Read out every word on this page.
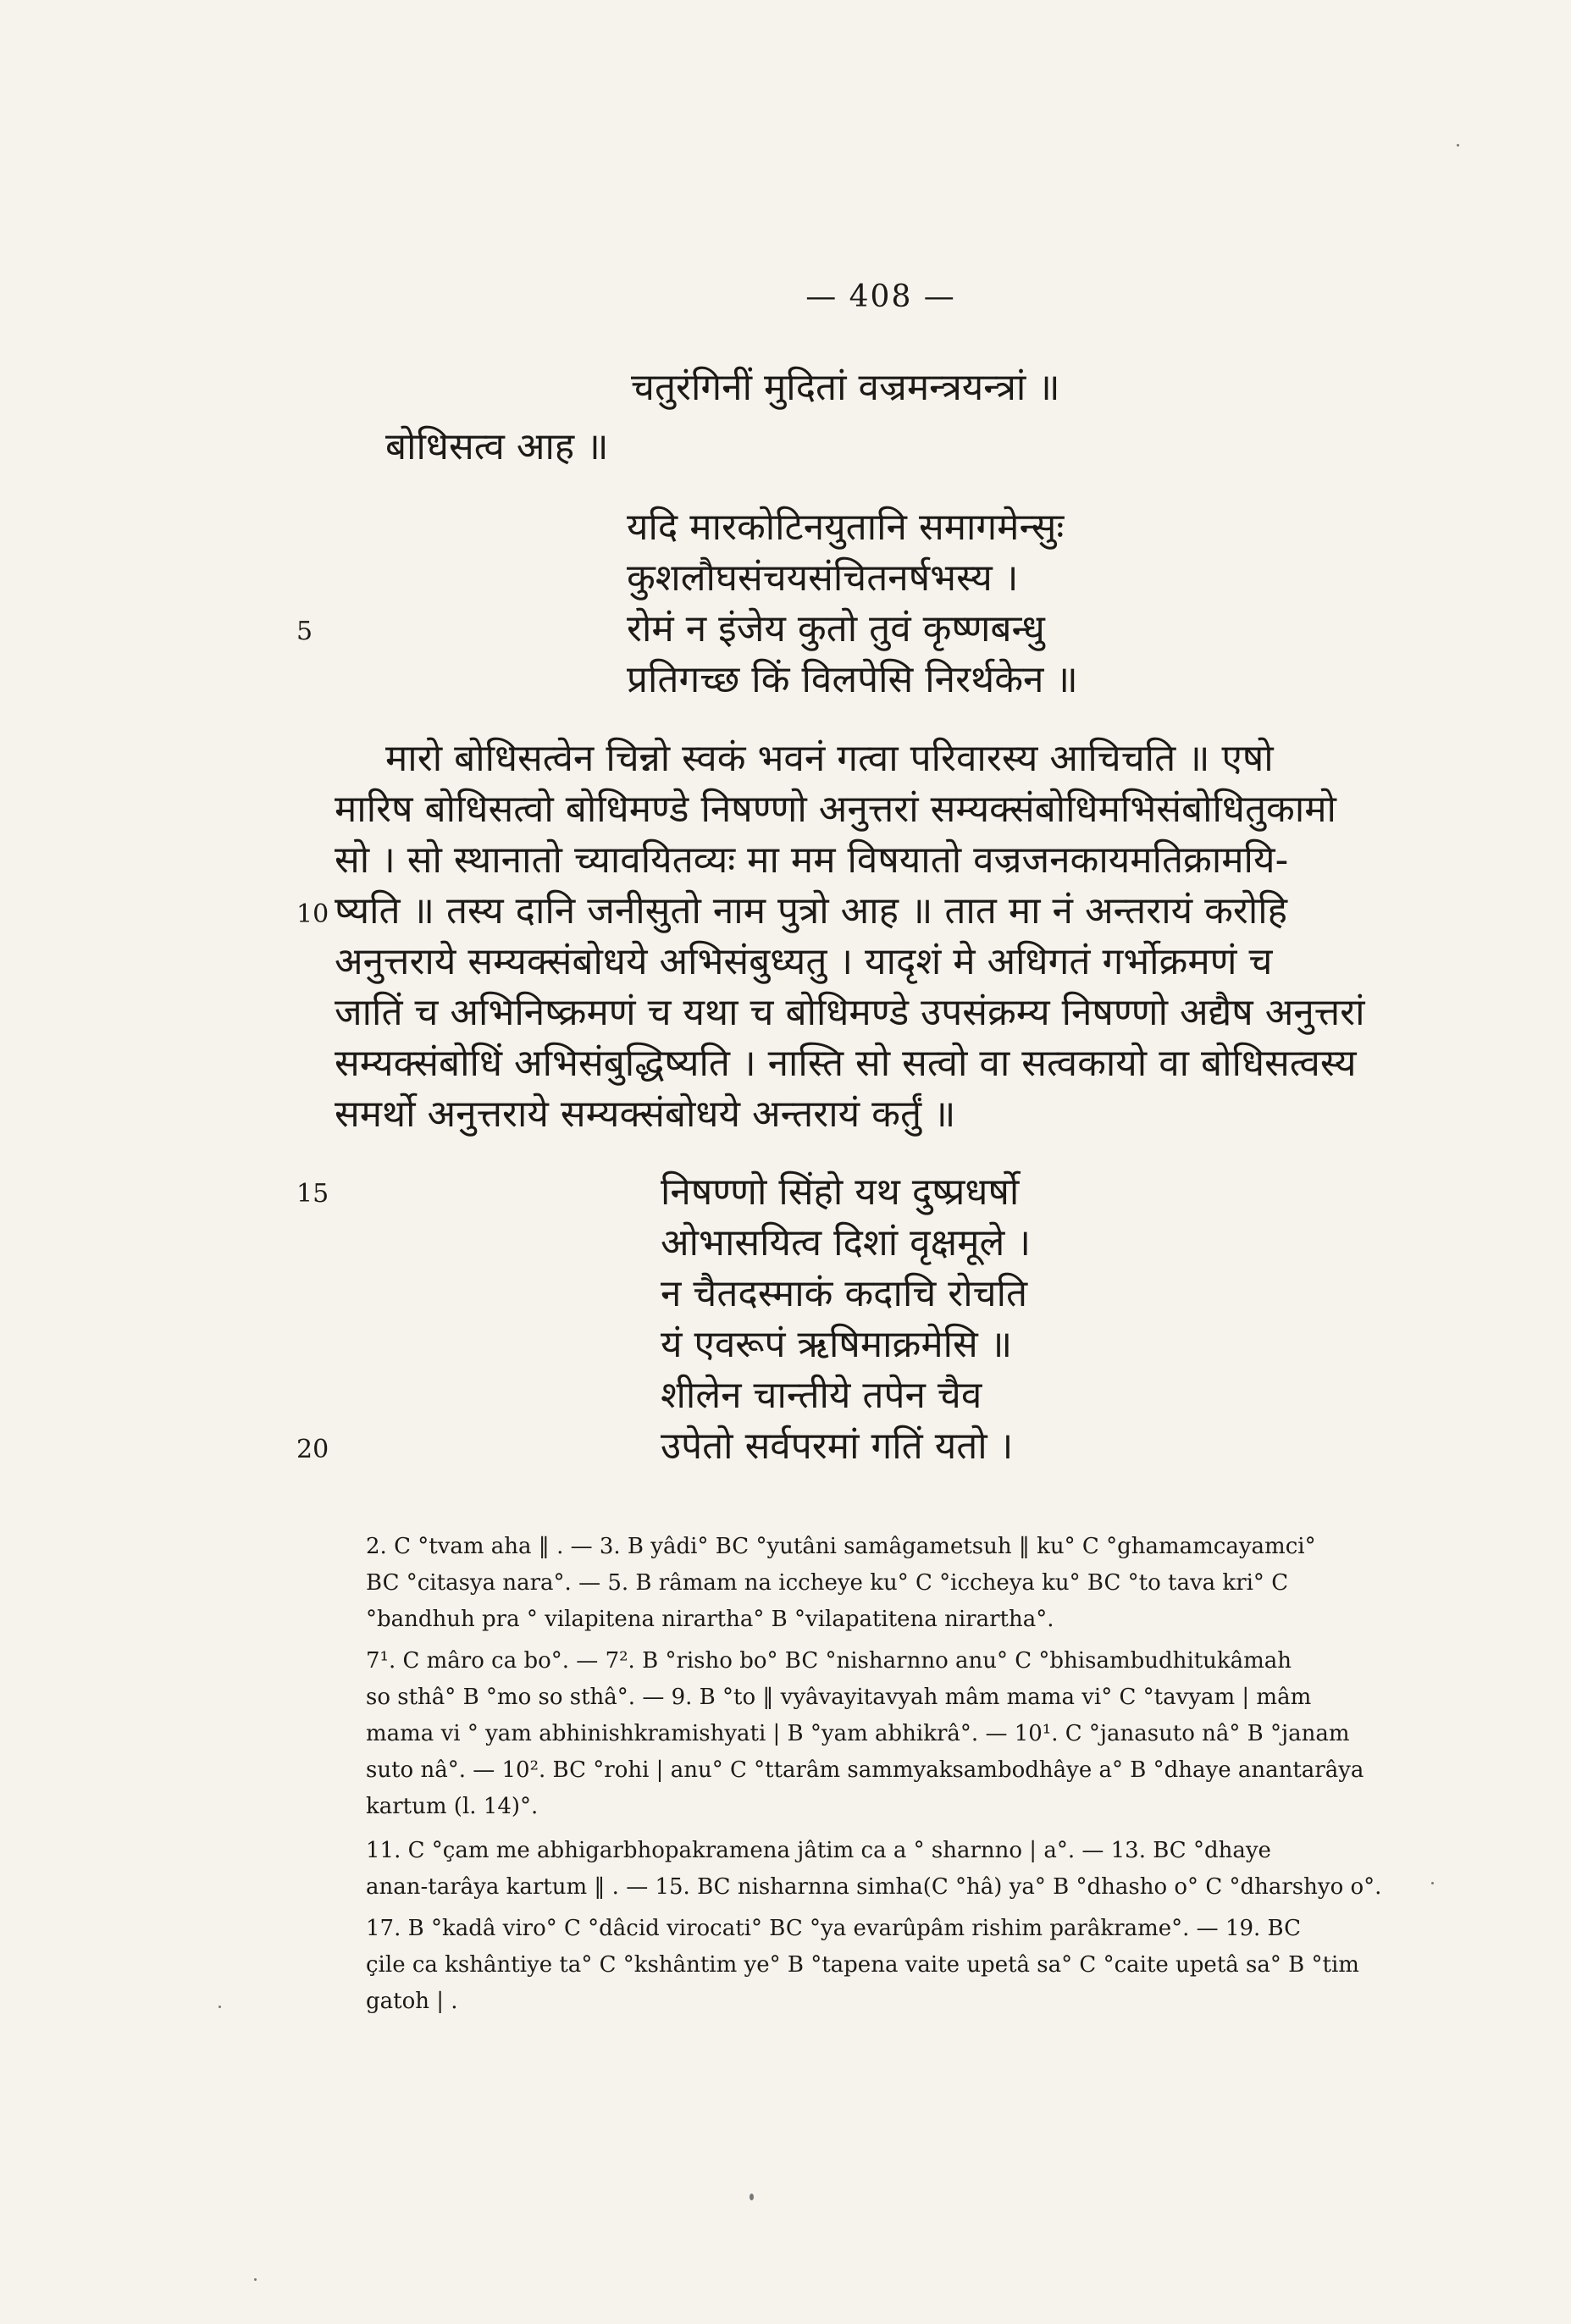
— 408 —
चतुरंगिनीं मुदितां वज्रमन्त्रयन्त्रां ॥
बोधिसत्व आह ॥
यदि मारकोटिनयुतानि समागमेन्सुः
कुशलौघसंचयसंचितनर्षभस्य ।
रोमं न इंजेय कुतो तुवं कृष्णबन्धु
प्रतिगच्छ किं विलपेसि निरर्थकेन ॥
5
मारो बोधिसत्वेन चिन्नो स्वकं भवनं गत्वा परिवारस्य आचिचति ॥ एषो
मारिष बोधिसत्वो बोधिमण्डे निषण्णो अनुत्तरां सम्यक्संबोधिमभिसंबोधितुकामो
सो । सो स्थानातो च्यावयितव्यः मा मम विषयातो वज्रजनकायमतिक्रामयि-
ष्यति ॥ तस्य दानि जनीसुतो नाम पुत्रो आह ॥ तात मा नं अन्तरायं करोहि
अनुत्तराये सम्यक्संबोधये अभिसंबुध्यतु । यादृशं मे अधिगतं गर्भोक्रमणं च
जातिं च अभिनिष्क्रमणं च यथा च बोधिमण्डे उपसंक्रम्य निषण्णो अद्यैष अनुत्तरां
सम्यक्संबोधिं अभिसंबुद्धिष्यति । नास्ति सो सत्वो वा सत्वकायो वा बोधिसत्वस्य
समर्थो अनुत्तराये सम्यक्संबोधये अन्तरायं कर्तुं ॥
10
निषण्णो सिंहो यथ दुष्प्रधर्षो
ओभासयित्व दिशां वृक्षमूले ।
न चैतदस्माकं कदाचि रोचति
यं एवरूपं ऋषिमाक्रमेसि ॥
शीलेन चान्तीये तपेन चैव
उपेतो सर्वपरमां गतिं यतो ।
15
20
2. C °tvam aha ‖ . — 3. B yâdi° BC °yutâni samâgametsuh ‖ ku° C °ghamamcayamci°
BC °citasya nara°. — 5. B râmam na iccheye ku° C °iccheya ku° BC °to tava kri° C
°bandhuh pra ° vilapitena nirartha° B °vilapatitena nirartha°.
7¹. C mâro ca bo°. — 7². B °risho bo° BC °nisharnno anu° C °bhisambudhitukâmah
so sthâ° B °mo so sthâ°. — 9. B °to ‖ vyâvayitavyah mâm mama vi° C °tavyam | mâm
mama vi ° yam abhinishkramishyati | B °yam abhikrâ°. — 10¹. C °janasuto nâ° B °janam
suto nâ°. — 10². BC °rohi | anu° C °ttarâm sammyaksambodhâye a° B °dhaye anantarâya
kartum (l. 14)°.
11. C °çam me abhigarbhopakramena jâtim ca a ° sharnno | a°. — 13. BC °dhaye
anan-tarâya kartum ‖ . — 15. BC nisharnna simha(C °hâ) ya° B °dhasho o° C °dharshyo o°.
17. B °kadâ viro° C °dâcid virocati° BC °ya evarûpâm rishim parâkrame°. — 19. BC
çile ca kshântiye ta° C °kshântim ye° B °tapena vaite upetâ sa° C °caite upetâ sa° B °tim
gatoh | .
